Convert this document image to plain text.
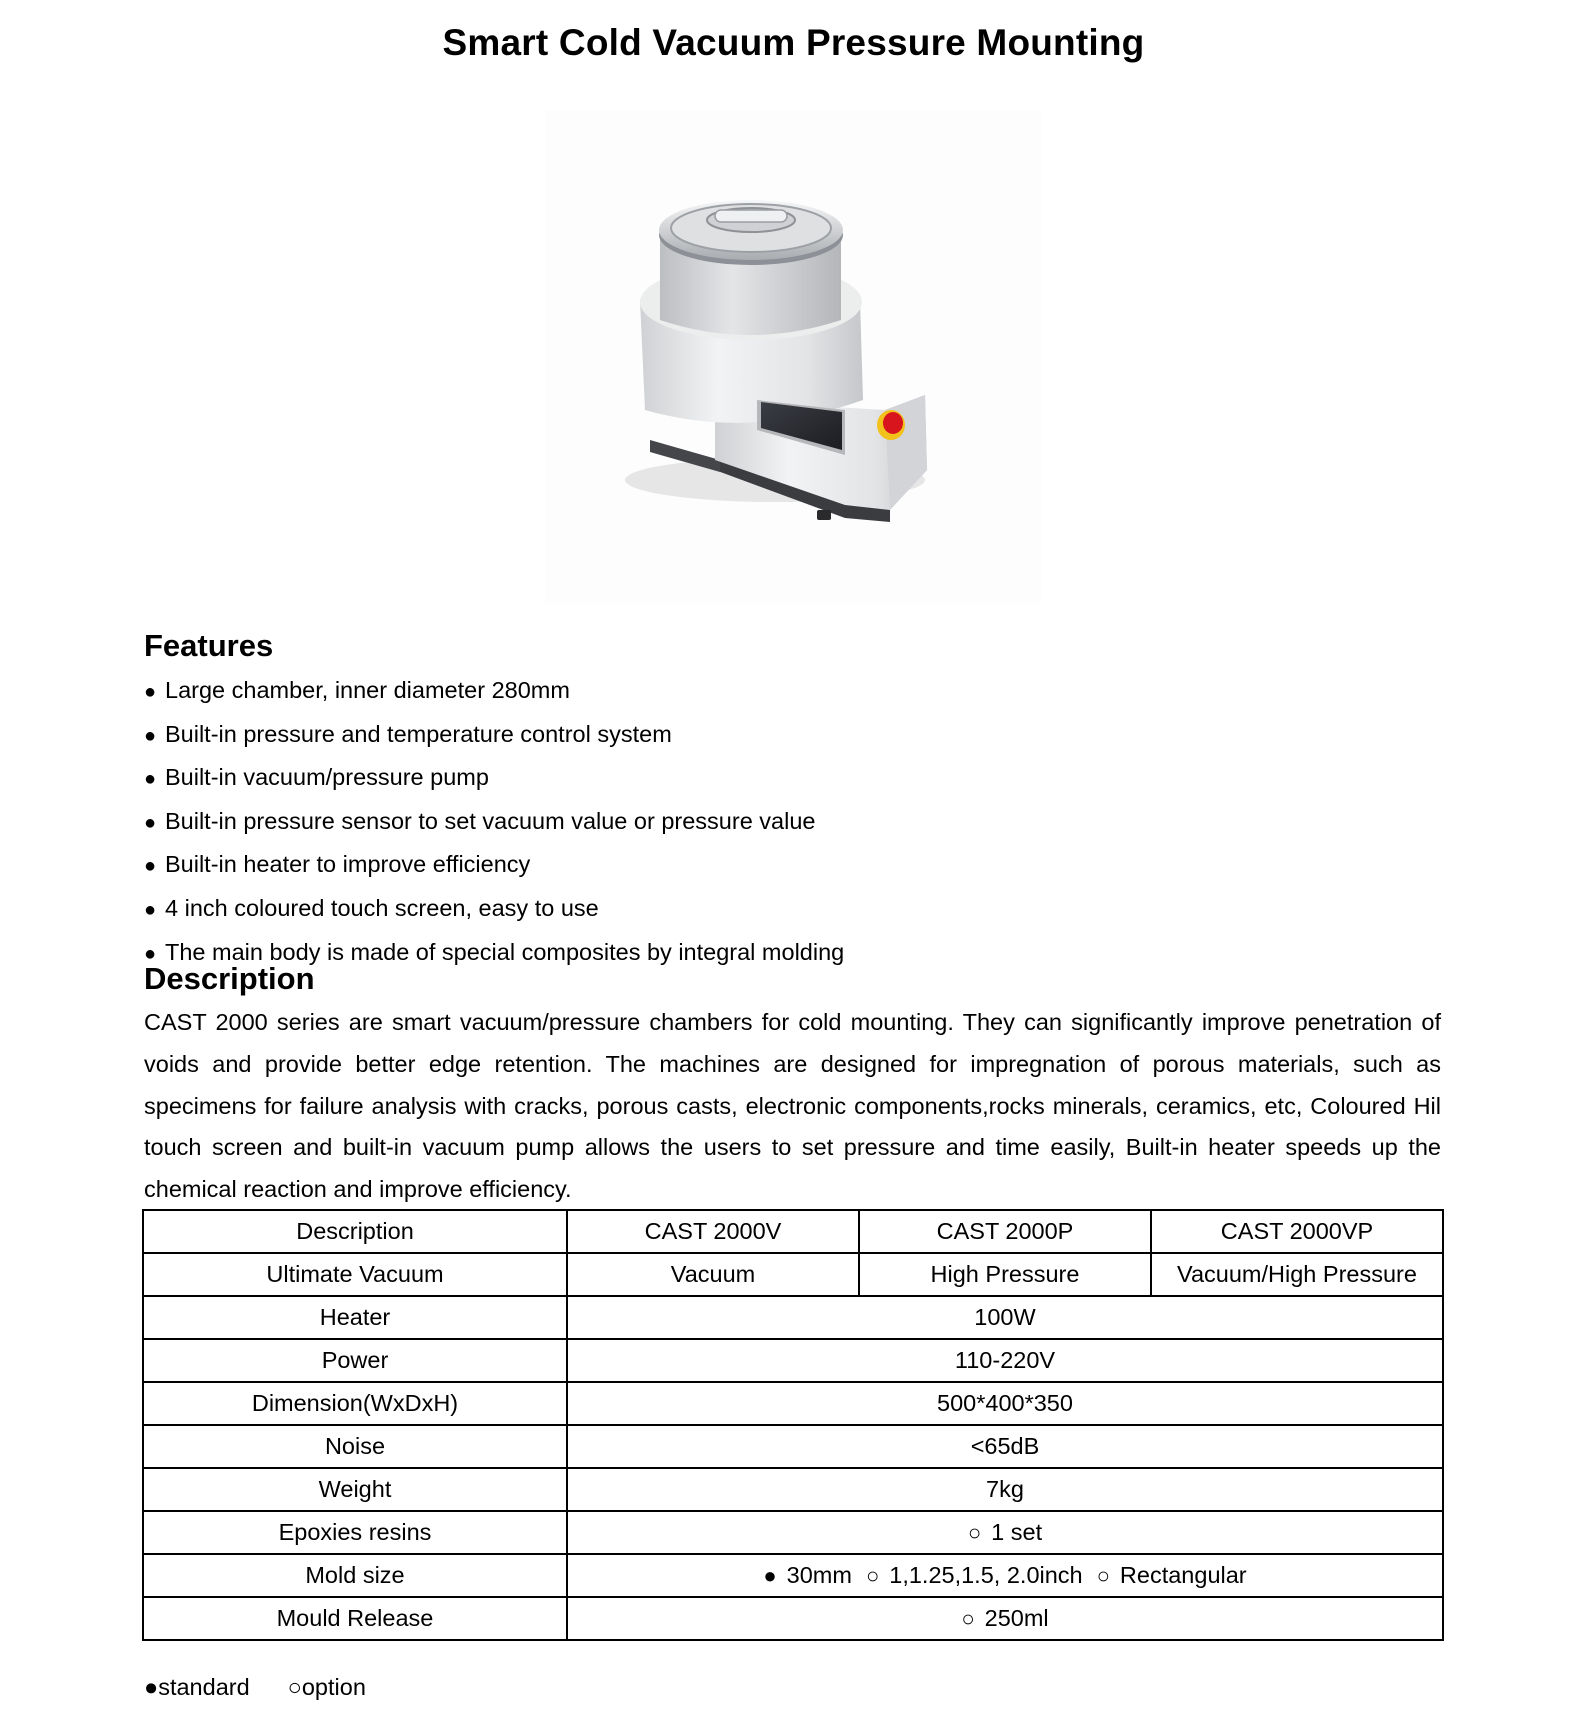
Smart Cold Vacuum Pressure Mounting
Features
● Large chamber, inner diameter 280mm
● Built-in pressure and temperature control system
● Built-in vacuum/pressure pump
● Built-in pressure sensor to set vacuum value or pressure value
● Built-in heater to improve efficiency
● 4 inch coloured touch screen, easy to use
● The main body is made of special composites by integral molding
Description

CAST 2000 series are smart vacuum/pressure chambers for cold mounting. They can significantly improve penetration of voids and provide better edge retention. The machines are designed for impregnation of porous materials, such as specimens for failure analysis with cracks, porous casts, electronic components,rocks minerals, ceramics, etc, Coloured Hil touch screen and built-in vacuum pump allows the users to set pressure and time easily, Built-in heater speeds up the chemical reaction and improve efficiency.

Description	CAST 2000V	CAST 2000P	CAST 2000VP
Ultimate Vacuum	Vacuum	High Pressure	Vacuum/High Pressure
Heater	100W		
Power	110-220V		
Dimension(WxDxH)	500*400*350		
Noise	<65dB		
Weight	7kg		
Epoxies resins	○ 1 set		
Mold size	● 30mm ○ 1,1.25,1.5, 2.0inch ○ Rectangular		
Mould Release	○ 250ml		
●standard ○option
